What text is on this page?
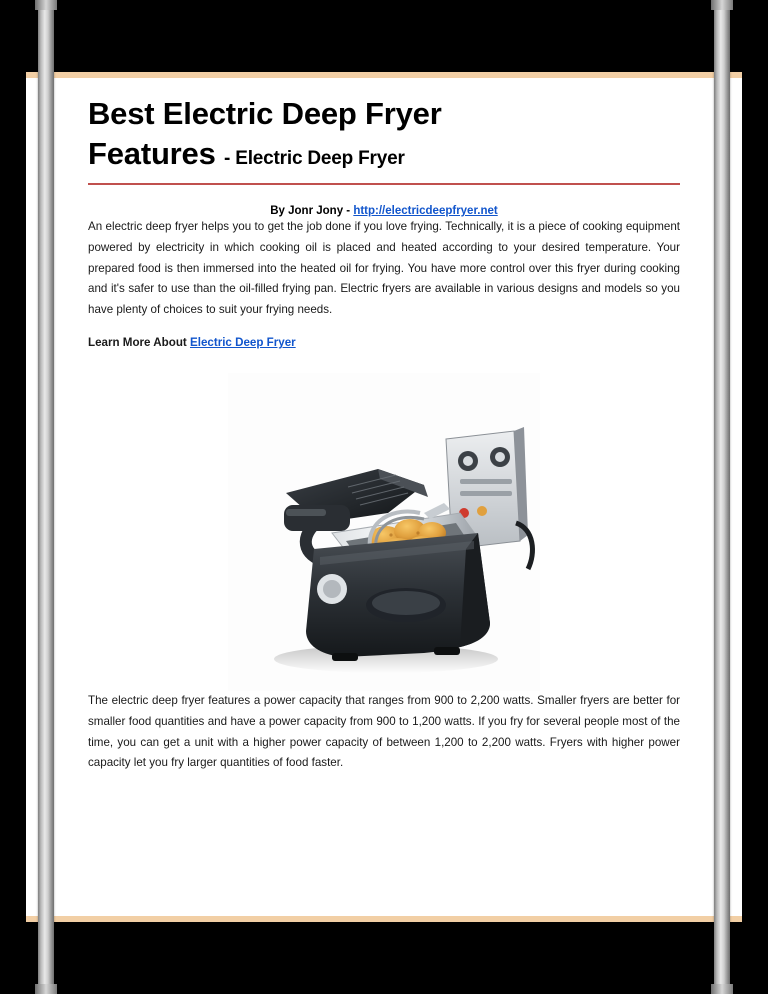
Best Electric Deep Fryer
Features - Electric Deep Fryer
By Jonr Jony - http://electricdeepfryer.net

An electric deep fryer helps you to get the job done if you love frying. Technically, it is a piece of cooking equipment powered by electricity in which cooking oil is placed and heated according to your desired temperature. Your prepared food is then immersed into the heated oil for frying. You have more control over this fryer during cooking and it's safer to use than the oil-filled frying pan. Electric fryers are available in various designs and models so you have plenty of choices to suit your frying needs.

Learn More About Electric Deep Fryer

The electric deep fryer features a power capacity that ranges from 900 to 2,200 watts. Smaller fryers are better for smaller food quantities and have a power capacity from 900 to 1,200 watts. If you fry for several people most of the time, you can get a unit with a higher power capacity of between 1,200 to 2,200 watts. Fryers with higher power capacity let you fry larger quantities of food faster.
